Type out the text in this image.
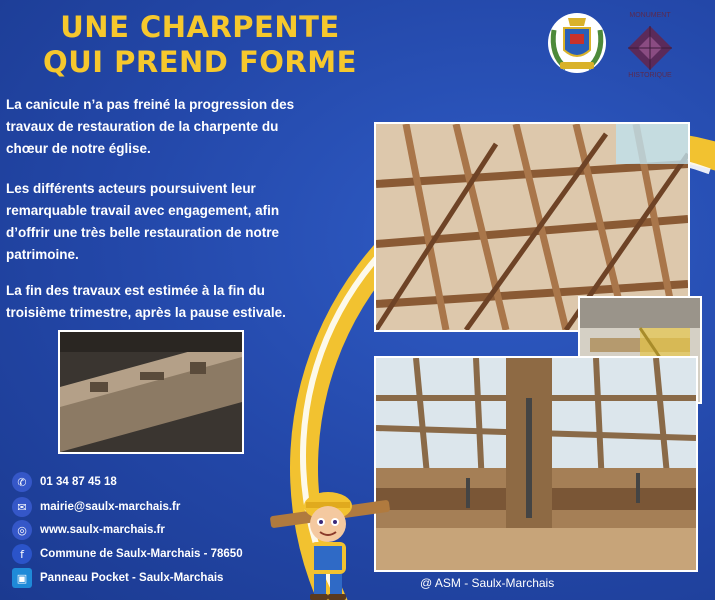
UNE CHARPENTE
QUI PREND FORME

La canicule n’a pas freiné la progression des travaux de restauration de la charpente du chœur de notre église.

Les différents acteurs poursuivent leur remarquable travail avec engagement, afin d’offrir une très belle restauration de notre patrimoine.

La fin des travaux est estimée à la fin du troisième trimestre, après la pause estivale.

MONUMENT
HISTORIQUE
✆	01 34 87 45 18
✉	mairie@saulx-marchais.fr
◎	www.saulx-marchais.fr
f	Commune de Saulx-Marchais - 78650
▣	Panneau Pocket - Saulx-Marchais	@ ASM - Saulx-Marchais
